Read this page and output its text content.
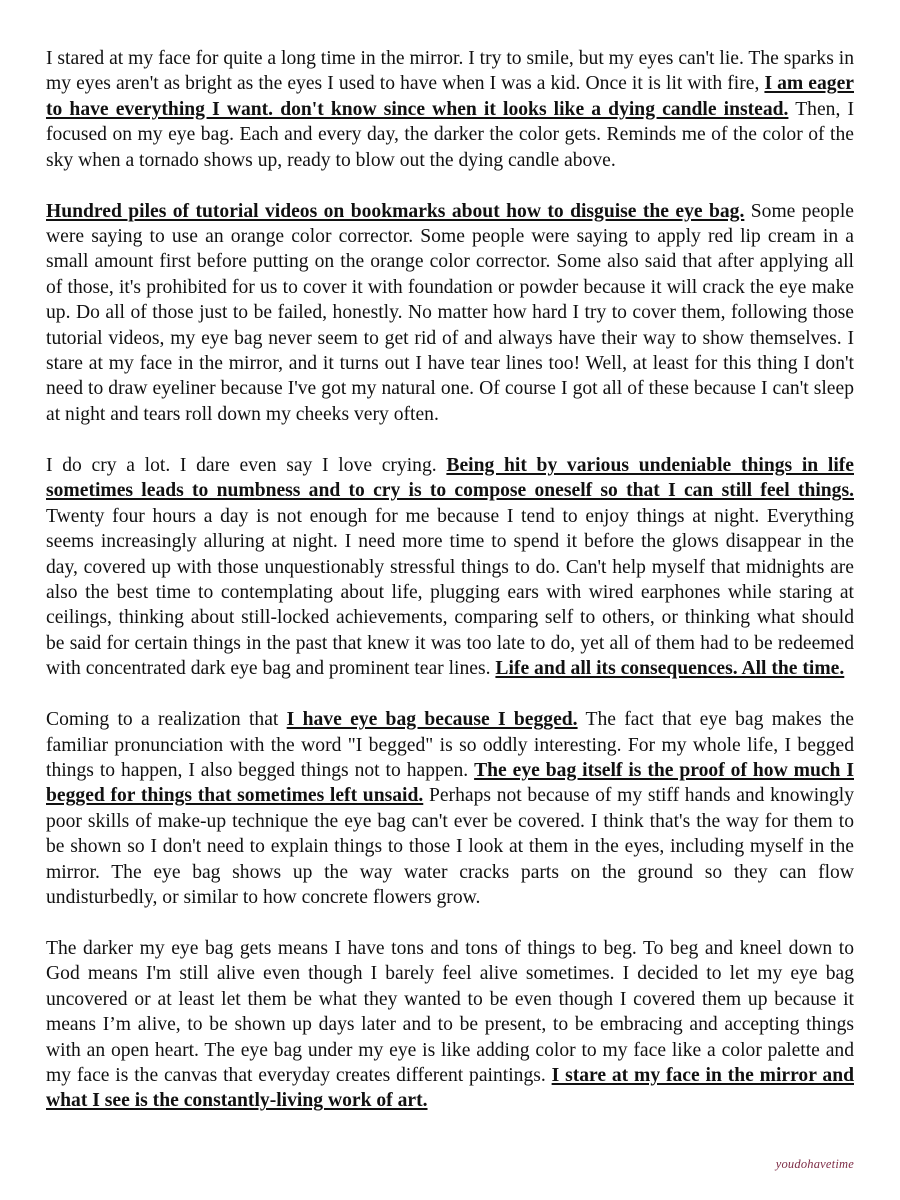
I stared at my face for quite a long time in the mirror. I try to smile, but my eyes can't lie. The sparks in my eyes aren't as bright as the eyes I used to have when I was a kid. Once it is lit with fire, I am eager to have everything I want. don't know since when it looks like a dying candle instead. Then, I focused on my eye bag. Each and every day, the darker the color gets. Reminds me of the color of the sky when a tornado shows up, ready to blow out the dying candle above.

Hundred piles of tutorial videos on bookmarks about how to disguise the eye bag. Some people were saying to use an orange color corrector. Some people were saying to apply red lip cream in a small amount first before putting on the orange color corrector. Some also said that after applying all of those, it's prohibited for us to cover it with foundation or powder because it will crack the eye make up. Do all of those just to be failed, honestly. No matter how hard I try to cover them, following those tutorial videos, my eye bag never seem to get rid of and always have their way to show themselves. I stare at my face in the mirror, and it turns out I have tear lines too! Well, at least for this thing I don't need to draw eyeliner because I've got my natural one. Of course I got all of these because I can't sleep at night and tears roll down my cheeks very often.

I do cry a lot. I dare even say I love crying. Being hit by various undeniable things in life sometimes leads to numbness and to cry is to compose oneself so that I can still feel things. Twenty four hours a day is not enough for me because I tend to enjoy things at night. Everything seems increasingly alluring at night. I need more time to spend it before the glows disappear in the day, covered up with those unquestionably stressful things to do. Can't help myself that midnights are also the best time to contemplating about life, plugging ears with wired earphones while staring at ceilings, thinking about still-locked achievements, comparing self to others, or thinking what should be said for certain things in the past that knew it was too late to do, yet all of them had to be redeemed with concentrated dark eye bag and prominent tear lines. Life and all its consequences. All the time.

Coming to a realization that I have eye bag because I begged. The fact that eye bag makes the familiar pronunciation with the word "I begged" is so oddly interesting. For my whole life, I begged things to happen, I also begged things not to happen. The eye bag itself is the proof of how much I begged for things that sometimes left unsaid. Perhaps not because of my stiff hands and knowingly poor skills of make-up technique the eye bag can't ever be covered. I think that's the way for them to be shown so I don't need to explain things to those I look at them in the eyes, including myself in the mirror. The eye bag shows up the way water cracks parts on the ground so they can flow undisturbedly, or similar to how concrete flowers grow.

The darker my eye bag gets means I have tons and tons of things to beg. To beg and kneel down to God means I'm still alive even though I barely feel alive sometimes. I decided to let my eye bag uncovered or at least let them be what they wanted to be even though I covered them up because it means I’m alive, to be shown up days later and to be present, to be embracing and accepting things with an open heart. The eye bag under my eye is like adding color to my face like a color palette and my face is the canvas that everyday creates different paintings. I stare at my face in the mirror and what I see is the constantly-living work of art.

youdohavetime
